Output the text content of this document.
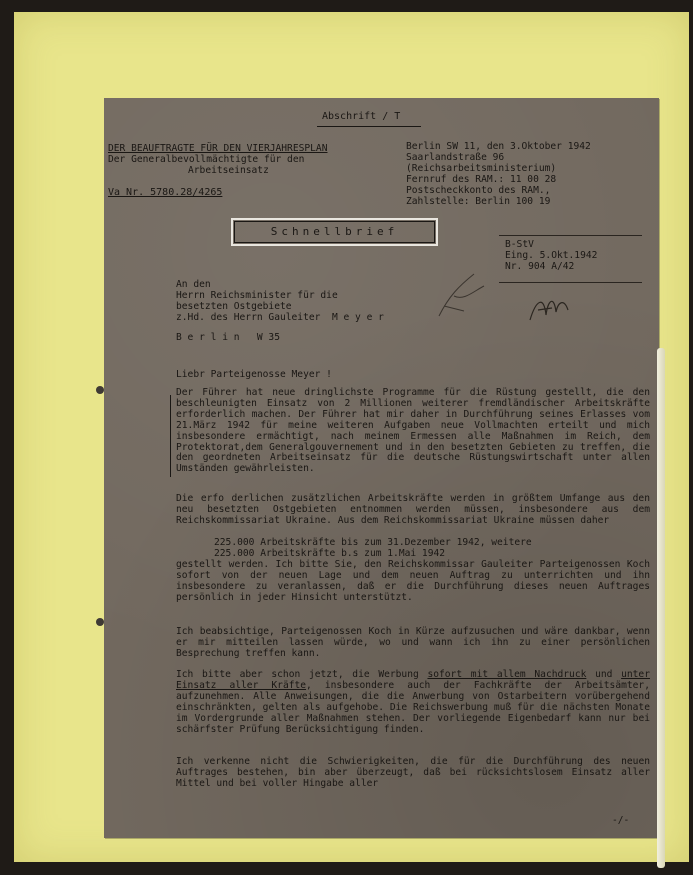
Abschrift / T
DER BEAUFTRAGTE FÜR DEN VIERJAHRESPLAN
Der Generalbevollmächtigte für den
Arbeitseinsatz
Va Nr. 5780.28/4265
Berlin SW 11, den 3.Oktober 1942
Saarlandstraße 96
(Reichsarbeitsministerium)
Fernruf des RAM.: 11 00 28
Postscheckkonto des RAM.,
Zahlstelle: Berlin 100 19
Schnellbrief
B-StV
Eing. 5.Okt.1942
Nr. 904 A/42
An den
Herrn Reichsminister für die
besetzten Ostgebiete
z.Hd. des Herrn Gauleiter  M e y e r
B e r l i n   W 35
Liebr Parteigenosse Meyer !
Der Führer hat neue dringlichste Programme für die Rüstung gestellt, die den beschleunigten Einsatz von 2 Millionen weiterer fremdländischer Arbeitskräfte erforderlich machen. Der Führer hat mir daher in Durchführung seines Erlasses vom 21.März 1942 für meine weiteren Aufgaben neue Vollmachten erteilt und mich insbesondere ermächtigt, nach meinem Ermessen alle Maßnahmen im Reich, dem Protektorat,dem Generalgouvernement und in den besetzten Gebieten zu treffen, die den geordneten Arbeitseinsatz für die deutsche Rüstungswirtschaft unter allen Umständen gewährleisten.
Die erfo derlichen zusätzlichen Arbeitskräfte werden in größtem Umfange aus den neu besetzten Ostgebieten entnommen werden müssen, insbesondere aus dem Reichskommissariat Ukraine. Aus dem Reichskommissariat Ukraine müssen daher
225.000 Arbeitskräfte bis zum 31.Dezember 1942, weitere
225.000 Arbeitskräfte b.s zum 1.Mai 1942
gestellt werden. Ich bitte Sie, den Reichskommissar Gauleiter Parteigenossen Koch sofort von der neuen Lage und dem neuen Auftrag zu unterrichten und ihn insbesondere zu veranlassen, daß er die Durchführung dieses neuen Auftrages persönlich in jeder Hinsicht unterstützt.
Ich beabsichtige, Parteigenossen Koch in Kürze aufzusuchen und wäre dankbar, wenn er mir mitteilen lassen würde, wo und wann ich ihn zu einer persönlichen Besprechung treffen kann.
Ich bitte aber schon jetzt, die Werbung sofort mit allem Nachdruck und unter Einsatz aller Kräfte, insbesondere auch der Fachkräfte der Arbeitsämter, aufzunehmen. Alle Anweisungen, die die Anwerbung von Ostarbeitern vorübergehend einschränkten, gelten als aufgehobe. Die Reichswerbung muß für die nächsten Monate im Vordergrunde aller Maßnahmen stehen. Der vorliegende Eigenbedarf kann nur bei schärfster Prüfung Berücksichtigung finden.
Ich verkenne nicht die Schwierigkeiten, die für die Durchführung des neuen Auftrages bestehen, bin aber überzeugt, daß bei rücksichtslosem Einsatz aller Mittel und bei voller Hingabe aller
-/-
